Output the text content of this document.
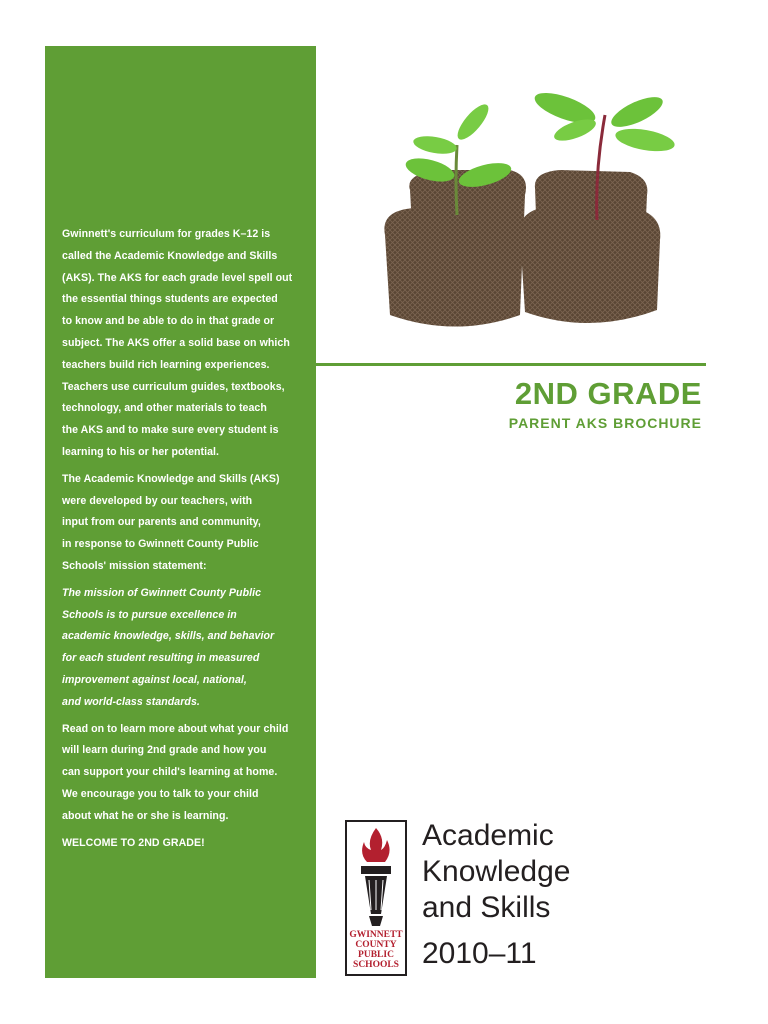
Gwinnett's curriculum for grades K–12 is
called the Academic Knowledge and Skills
(AKS). The AKS for each grade level spell out
the essential things students are expected
to know and be able to do in that grade or
subject. The AKS offer a solid base on which
teachers build rich learning experiences.
Teachers use curriculum guides, textbooks,
technology, and other materials to teach
the AKS and to make sure every student is
learning to his or her potential.

The Academic Knowledge and Skills (AKS)
were developed by our teachers, with
input from our parents and community,
in response to Gwinnett County Public
Schools' mission statement:

The mission of Gwinnett County Public
Schools is to pursue excellence in
academic knowledge, skills, and behavior
for each student resulting in measured
improvement against local, national,
and world-class standards.

Read on to learn more about what your child
will learn during 2nd grade and how you
can support your child's learning at home.
We encourage you to talk to your child
about what he or she is learning.

WELCOME TO 2ND GRADE!

2ND GRADE
PARENT AKS BROCHURE
GWINNETT
COUNTY
PUBLIC
SCHOOLS
Academic
Knowledge
and Skills
2010–11
